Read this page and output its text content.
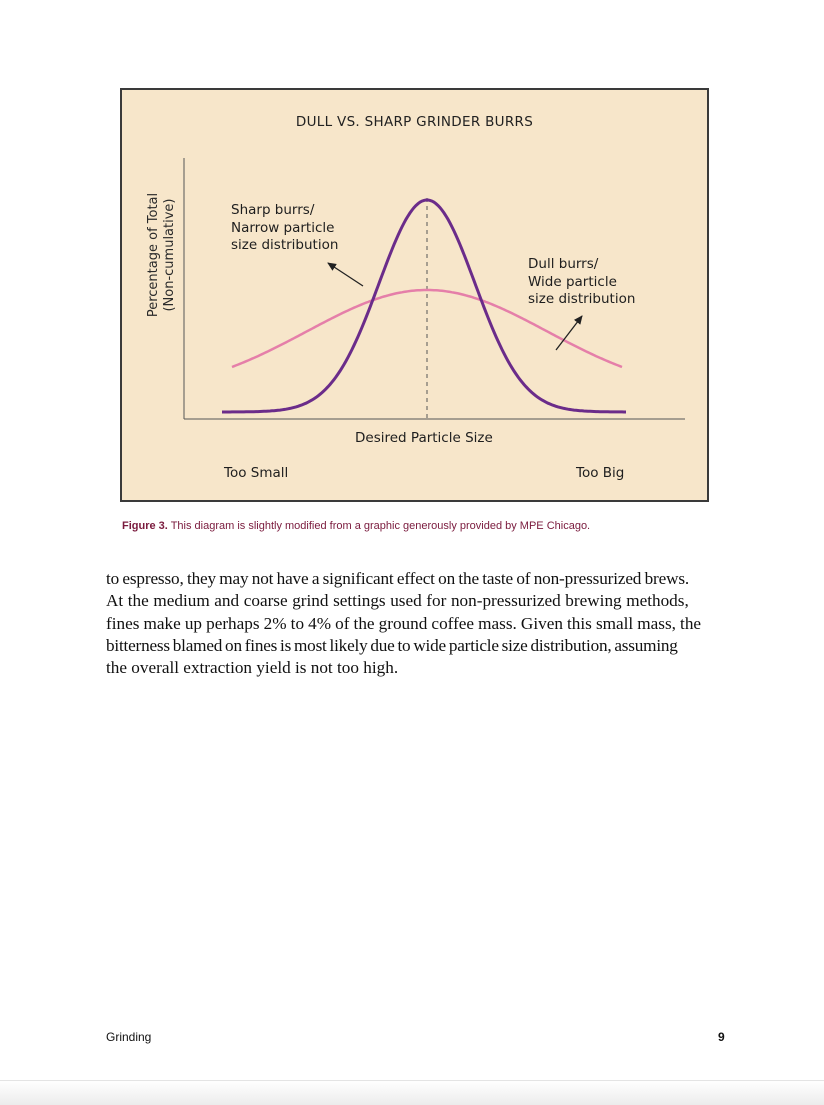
DULL VS. SHARP GRINDER BURRS
Percentage of Total (Non-cumulative)	Sharp burrs/
Narrow particle
size distribution
Dull burrs/
Wide particle
size distribution
Desired Particle Size
Too Small	Too Big
Figure 3. This diagram is slightly modified from a graphic generously provided by MPE Chicago.
to espresso, they may not have a significant effect on the taste of non-pressurized brews.
At the medium and coarse grind settings used for non-pressurized brewing methods,
fines make up perhaps 2% to 4% of the ground coffee mass. Given this small mass, the
bitterness blamed on fines is most likely due to wide particle size distribution, assuming
the overall extraction yield is not too high.
Grinding	9
